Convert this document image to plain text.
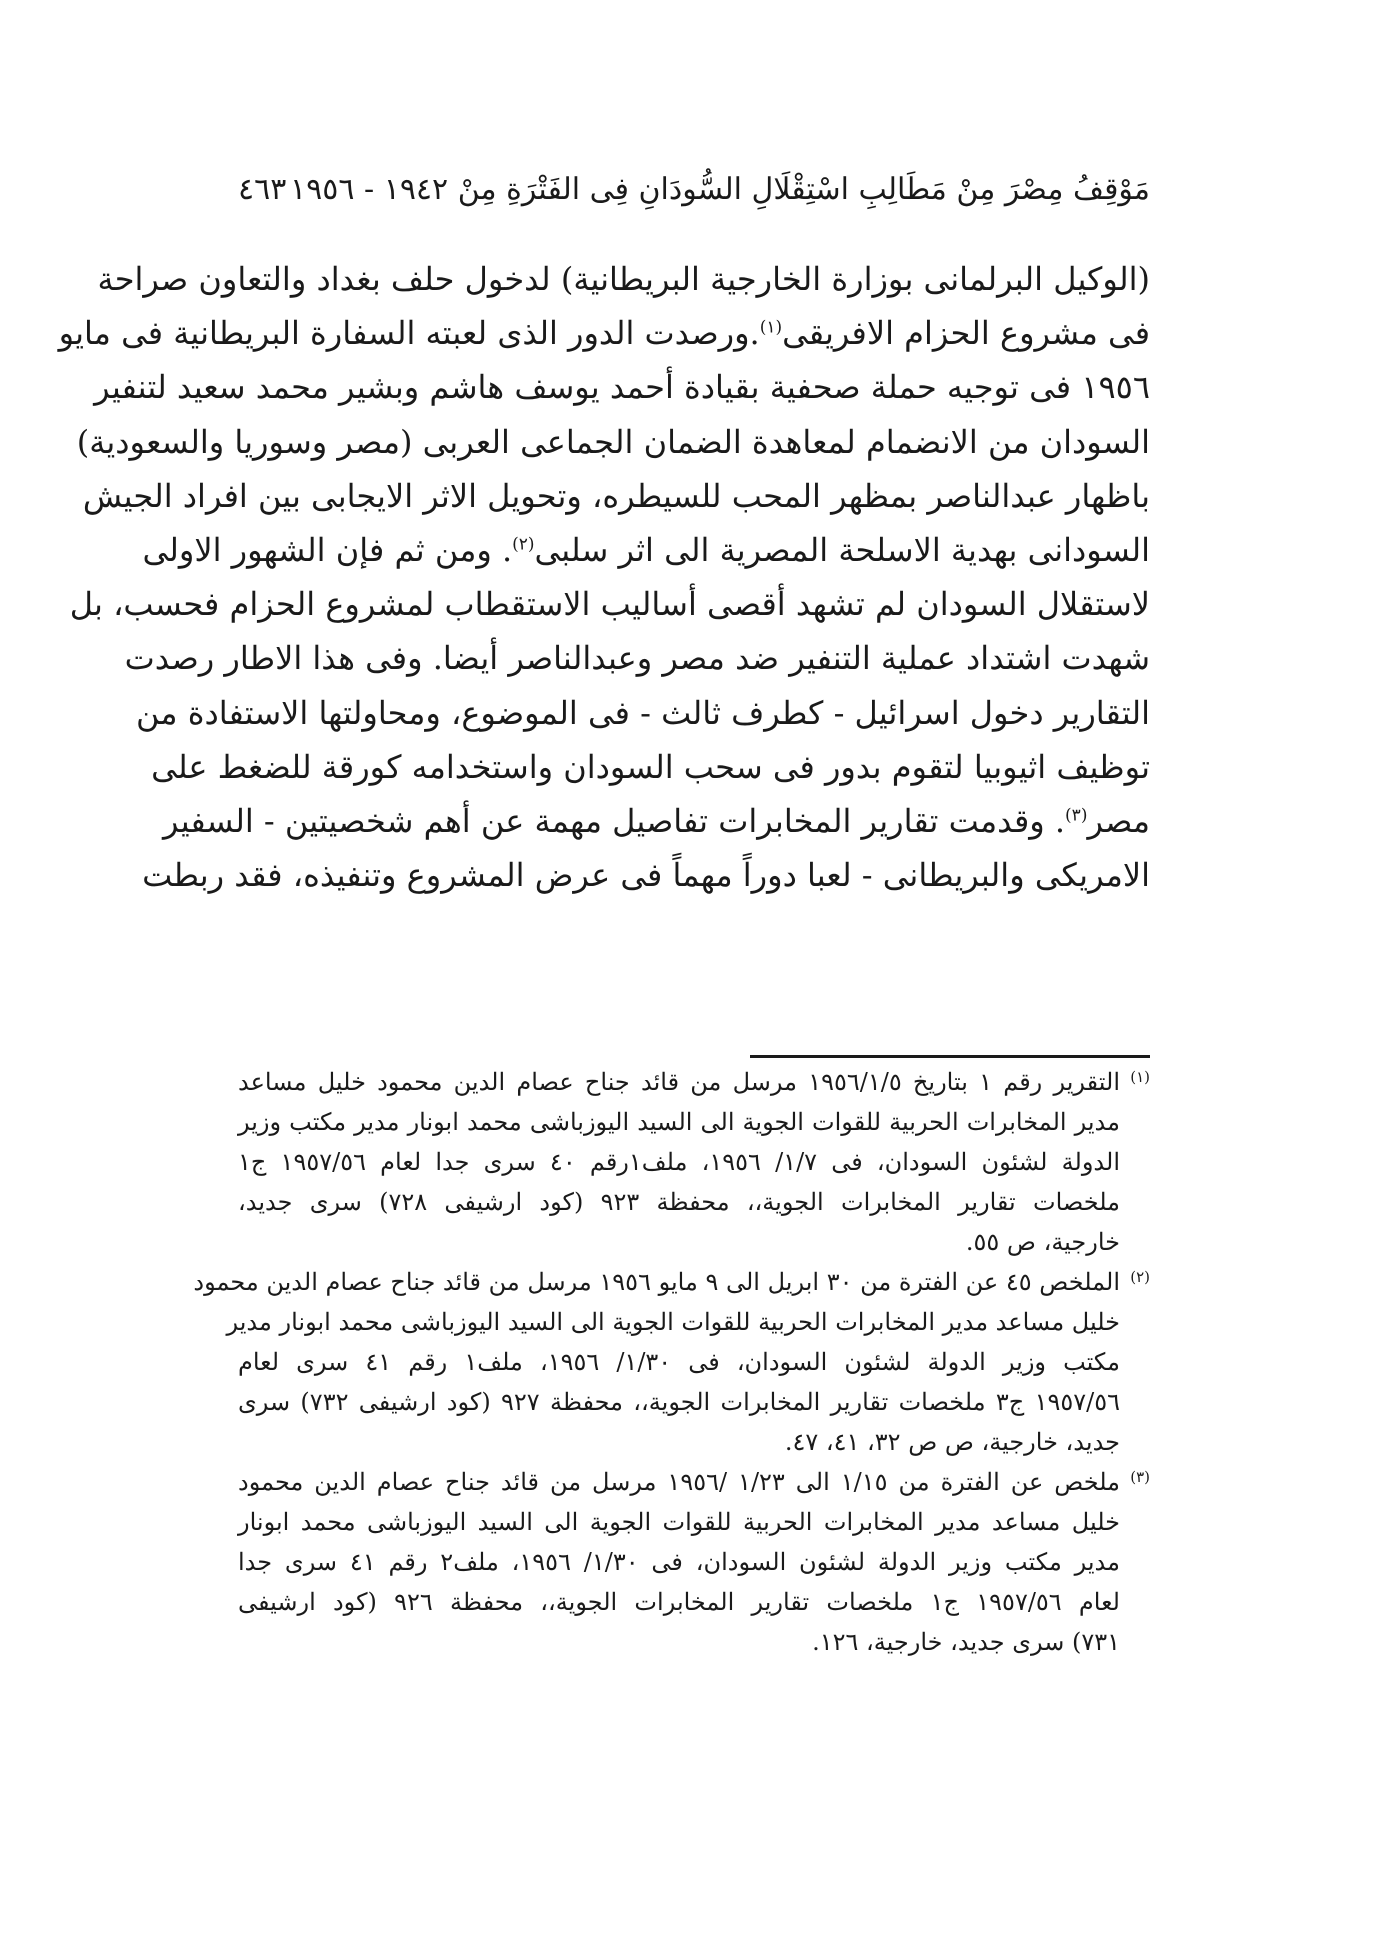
مَوْقِفُ مِصْرَ مِنْ مَطَالِبِ اسْتِقْلَالِ السُّودَانِ فِى الفَتْرَةِ مِنْ ١٩٤٢ - ١٩٥٦
٤٦٣
(الوكيل البرلمانى بوزارة الخارجية البريطانية) لدخول حلف بغداد والتعاون صراحة
فى مشروع الحزام الافريقى$^{(١)}$.ورصدت الدور الذى لعبته السفارة البريطانية فى مايو
١٩٥٦ فى توجيه حملة صحفية بقيادة أحمد يوسف هاشم وبشير محمد سعيد لتنفير
السودان من الانضمام لمعاهدة الضمان الجماعى العربى (مصر وسوريا والسعودية)
باظهار عبدالناصر بمظهر المحب للسيطره، وتحويل الاثر الايجابى بين افراد الجيش
السودانى بهدية الاسلحة المصرية الى اثر سلبى$^{(٢)}$. ومن ثم فإن الشهور الاولى
لاستقلال السودان لم تشهد أقصى أساليب الاستقطاب لمشروع الحزام فحسب، بل
شهدت اشتداد عملية التنفير ضد مصر وعبدالناصر أيضا. وفى هذا الاطار رصدت
التقارير دخول اسرائيل - كطرف ثالث - فى الموضوع، ومحاولتها الاستفادة من
توظيف اثيوبيا لتقوم بدور فى سحب السودان واستخدامه كورقة للضغط على
مصر$^{(٣)}$. وقدمت تقارير المخابرات تفاصيل مهمة عن أهم شخصيتين - السفير
الامريكى والبريطانى - لعبا دوراً مهماً فى عرض المشروع وتنفيذه، فقد ربطت
(١)
التقرير رقم ١ بتاريخ ١٩٥٦/١/٥ مرسل من قائد جناح عصام الدين محمود خليل مساعد
مدير المخابرات الحربية للقوات الجوية الى السيد اليوزباشى محمد ابونار مدير مكتب وزير
الدولة لشئون السودان، فى ١/٧/ ١٩٥٦، ملف١رقم ٤٠ سرى جدا لعام ١٩٥٧/٥٦ ج١
ملخصات تقارير المخابرات الجوية،، محفظة ٩٢٣ (كود ارشيفى ٧٢٨) سرى جديد،
خارجية، ص ٥٥.
(٢)
الملخص ٤٥ عن الفترة من ٣٠ ابريل الى ٩ مايو ١٩٥٦ مرسل من قائد جناح عصام الدين محمود
خليل مساعد مدير المخابرات الحربية للقوات الجوية الى السيد اليوزباشى محمد ابونار مدير
مكتب وزير الدولة لشئون السودان، فى ١/٣٠/ ١٩٥٦، ملف١ رقم ٤١ سرى لعام
١٩٥٧/٥٦ ج٣ ملخصات تقارير المخابرات الجوية،، محفظة ٩٢٧ (كود ارشيفى ٧٣٢) سرى
جديد، خارجية، ص ص ٣٢، ٤١، ٤٧.
(٣)
ملخص عن الفترة من ١/١٥ الى ١/٢٣ /١٩٥٦ مرسل من قائد جناح عصام الدين محمود
خليل مساعد مدير المخابرات الحربية للقوات الجوية الى السيد اليوزباشى محمد ابونار
مدير مكتب وزير الدولة لشئون السودان، فى ١/٣٠/ ١٩٥٦، ملف٢ رقم ٤١ سرى جدا
لعام ١٩٥٧/٥٦ ج١ ملخصات تقارير المخابرات الجوية،، محفظة ٩٢٦ (كود ارشيفى
٧٣١) سرى جديد، خارجية، ١٢٦.
